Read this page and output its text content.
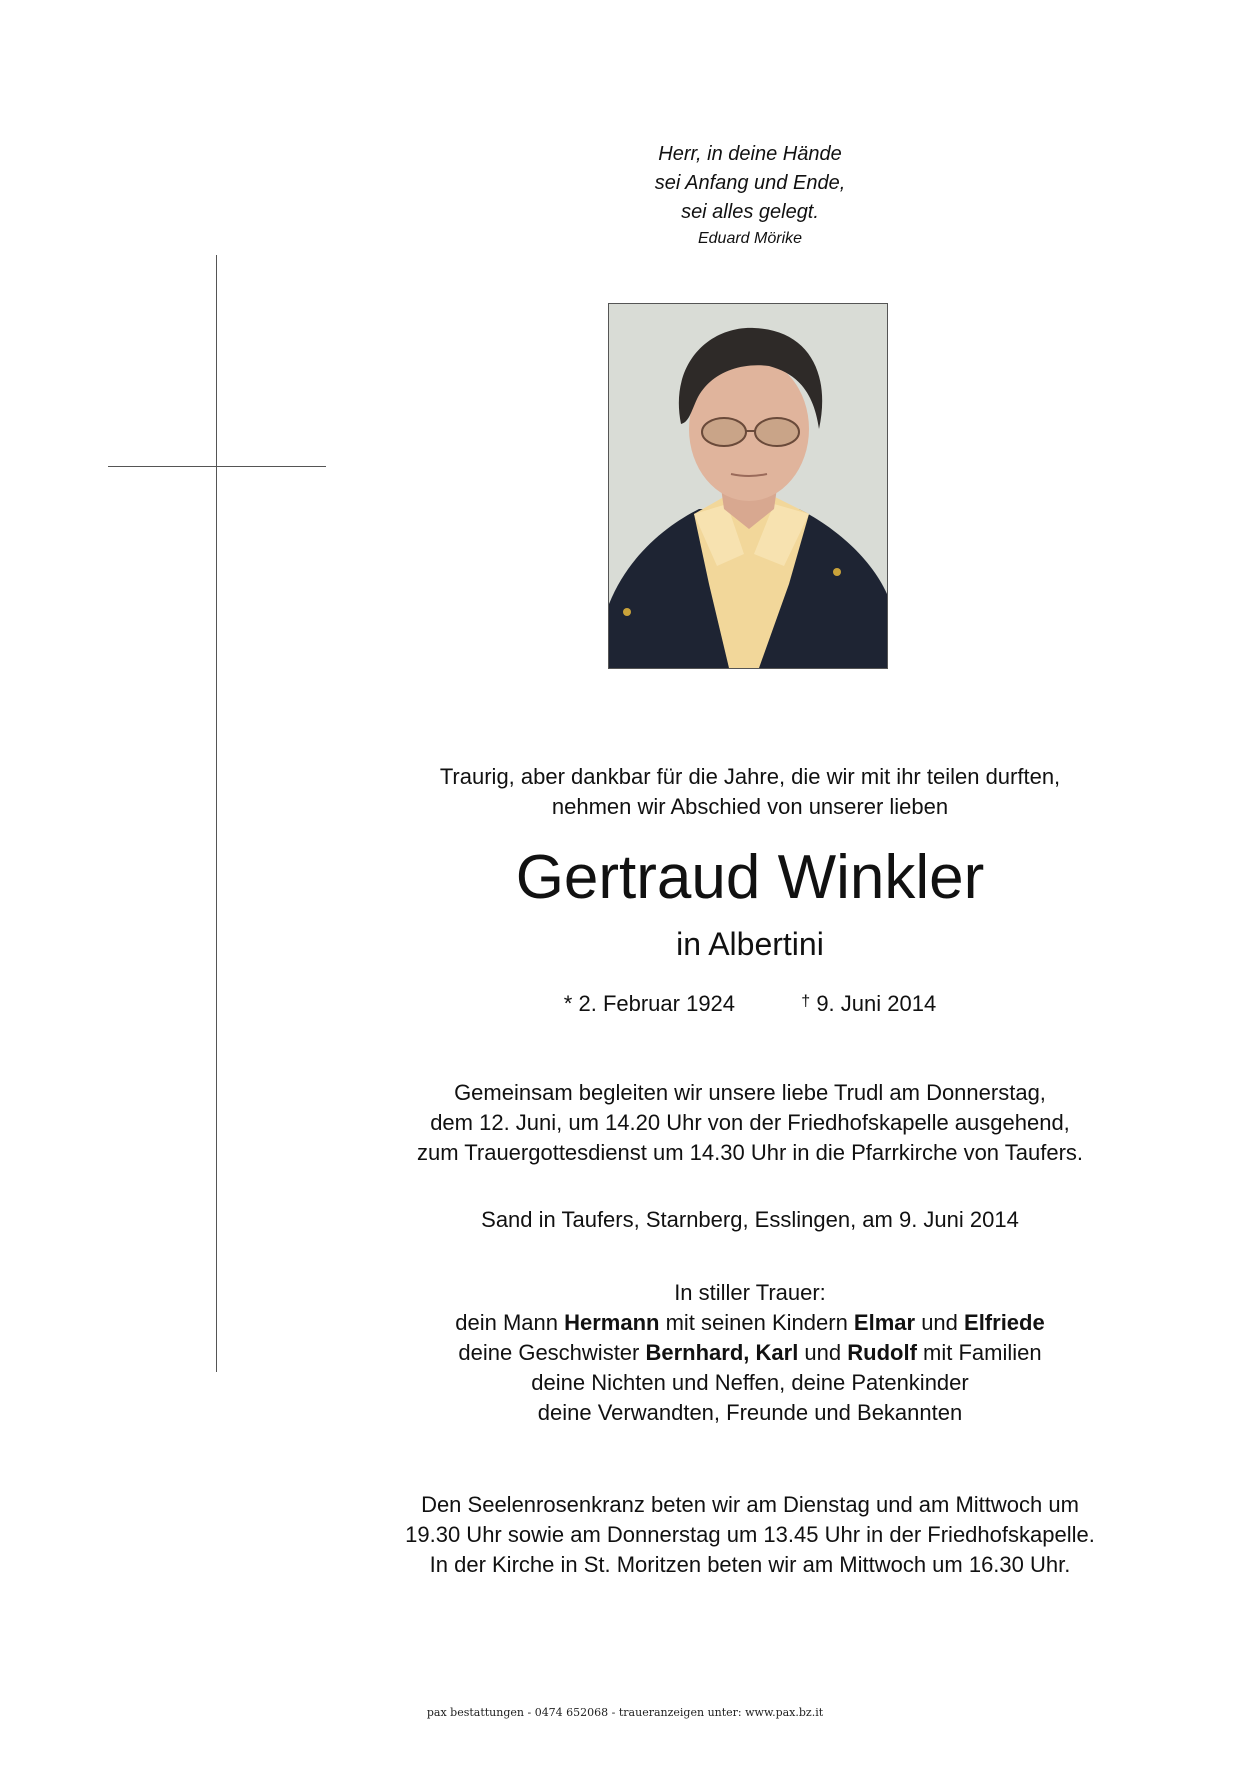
Herr, in deine Hände
sei Anfang und Ende,
sei alles gelegt.
Eduard Mörike
Traurig, aber dankbar für die Jahre, die wir mit ihr teilen durften,
nehmen wir Abschied von unserer lieben
Gertraud Winkler
in Albertini
* 2. Februar 1924	† 9. Juni 2014
Gemeinsam begleiten wir unsere liebe Trudl am Donnerstag,
dem 12. Juni, um 14.20 Uhr von der Friedhofskapelle ausgehend,
zum Trauergottesdienst um 14.30 Uhr in die Pfarrkirche von Taufers.
Sand in Taufers, Starnberg, Esslingen, am 9. Juni 2014
In stiller Trauer:
dein Mann Hermann mit seinen Kindern Elmar und Elfriede
deine Geschwister Bernhard, Karl und Rudolf mit Familien
deine Nichten und Neffen, deine Patenkinder
deine Verwandten, Freunde und Bekannten
Den Seelenrosenkranz beten wir am Dienstag und am Mittwoch um
19.30 Uhr sowie am Donnerstag um 13.45 Uhr in der Friedhofskapelle.
In der Kirche in St. Moritzen beten wir am Mittwoch um 16.30 Uhr.
pax bestattungen - 0474 652068 - traueranzeigen unter: www.pax.bz.it
